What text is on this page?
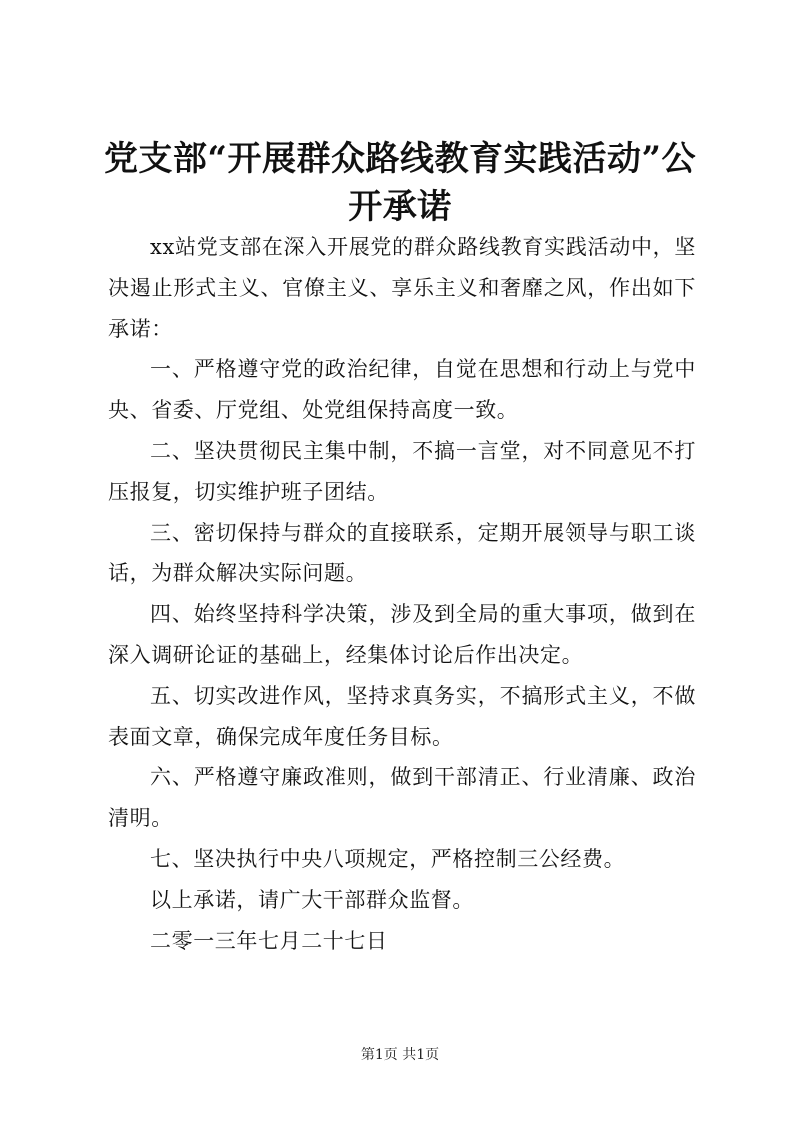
党支部“开展群众路线教育实践活动”公开承诺

xx站党支部在深入开展党的群众路线教育实践活动中，坚决遏止形式主义、官僚主义、享乐主义和奢靡之风，作出如下承诺：

一、严格遵守党的政治纪律，自觉在思想和行动上与党中央、省委、厅党组、处党组保持高度一致。

二、坚决贯彻民主集中制，不搞一言堂，对不同意见不打压报复，切实维护班子团结。

三、密切保持与群众的直接联系，定期开展领导与职工谈话，为群众解决实际问题。

四、始终坚持科学决策，涉及到全局的重大事项，做到在深入调研论证的基础上，经集体讨论后作出决定。

五、切实改进作风，坚持求真务实，不搞形式主义，不做表面文章，确保完成年度任务目标。

六、严格遵守廉政准则，做到干部清正、行业清廉、政治清明。

七、坚决执行中央八项规定，严格控制三公经费。

以上承诺，请广大干部群众监督。

二零一三年七月二十七日

第1页 共1页
